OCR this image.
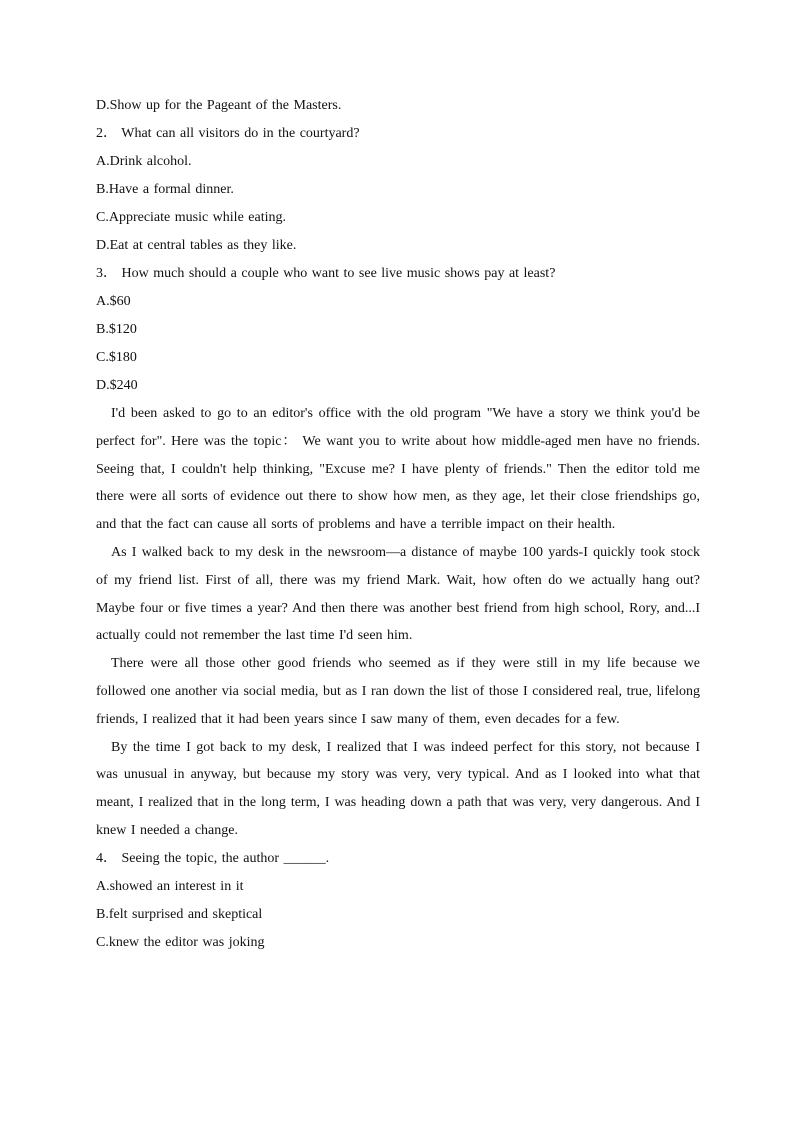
D.Show up for the Pageant of the Masters.
2． What can all visitors do in the courtyard?
A.Drink alcohol.
B.Have a formal dinner.
C.Appreciate music while eating.
D.Eat at central tables as they like.
3． How much should a couple who want to see live music shows pay at least?
A.$60
B.$120
C.$180
D.$240

I'd been asked to go to an editor's office with the old program "We have a story we think you'd be perfect for". Here was the topic： We want you to write about how middle-aged men have no friends. Seeing that, I couldn't help thinking, "Excuse me? I have plenty of friends." Then the editor told me there were all sorts of evidence out there to show how men, as they age, let their close friendships go, and that the fact can cause all sorts of problems and have a terrible impact on their health.

As I walked back to my desk in the newsroom—a distance of maybe 100 yards-I quickly took stock of my friend list. First of all, there was my friend Mark. Wait, how often do we actually hang out? Maybe four or five times a year? And then there was another best friend from high school, Rory, and...I actually could not remember the last time I'd seen him.

There were all those other good friends who seemed as if they were still in my life because we followed one another via social media, but as I ran down the list of those I considered real, true, lifelong friends, I realized that it had been years since I saw many of them, even decades for a few.

By the time I got back to my desk, I realized that I was indeed perfect for this story, not because I was unusual in anyway, but because my story was very, very typical. And as I looked into what that meant, I realized that in the long term, I was heading down a path that was very, very dangerous. And I knew I needed a change.

4． Seeing the topic, the author ______.
A.showed an interest in it
B.felt surprised and skeptical
C.knew the editor was joking
